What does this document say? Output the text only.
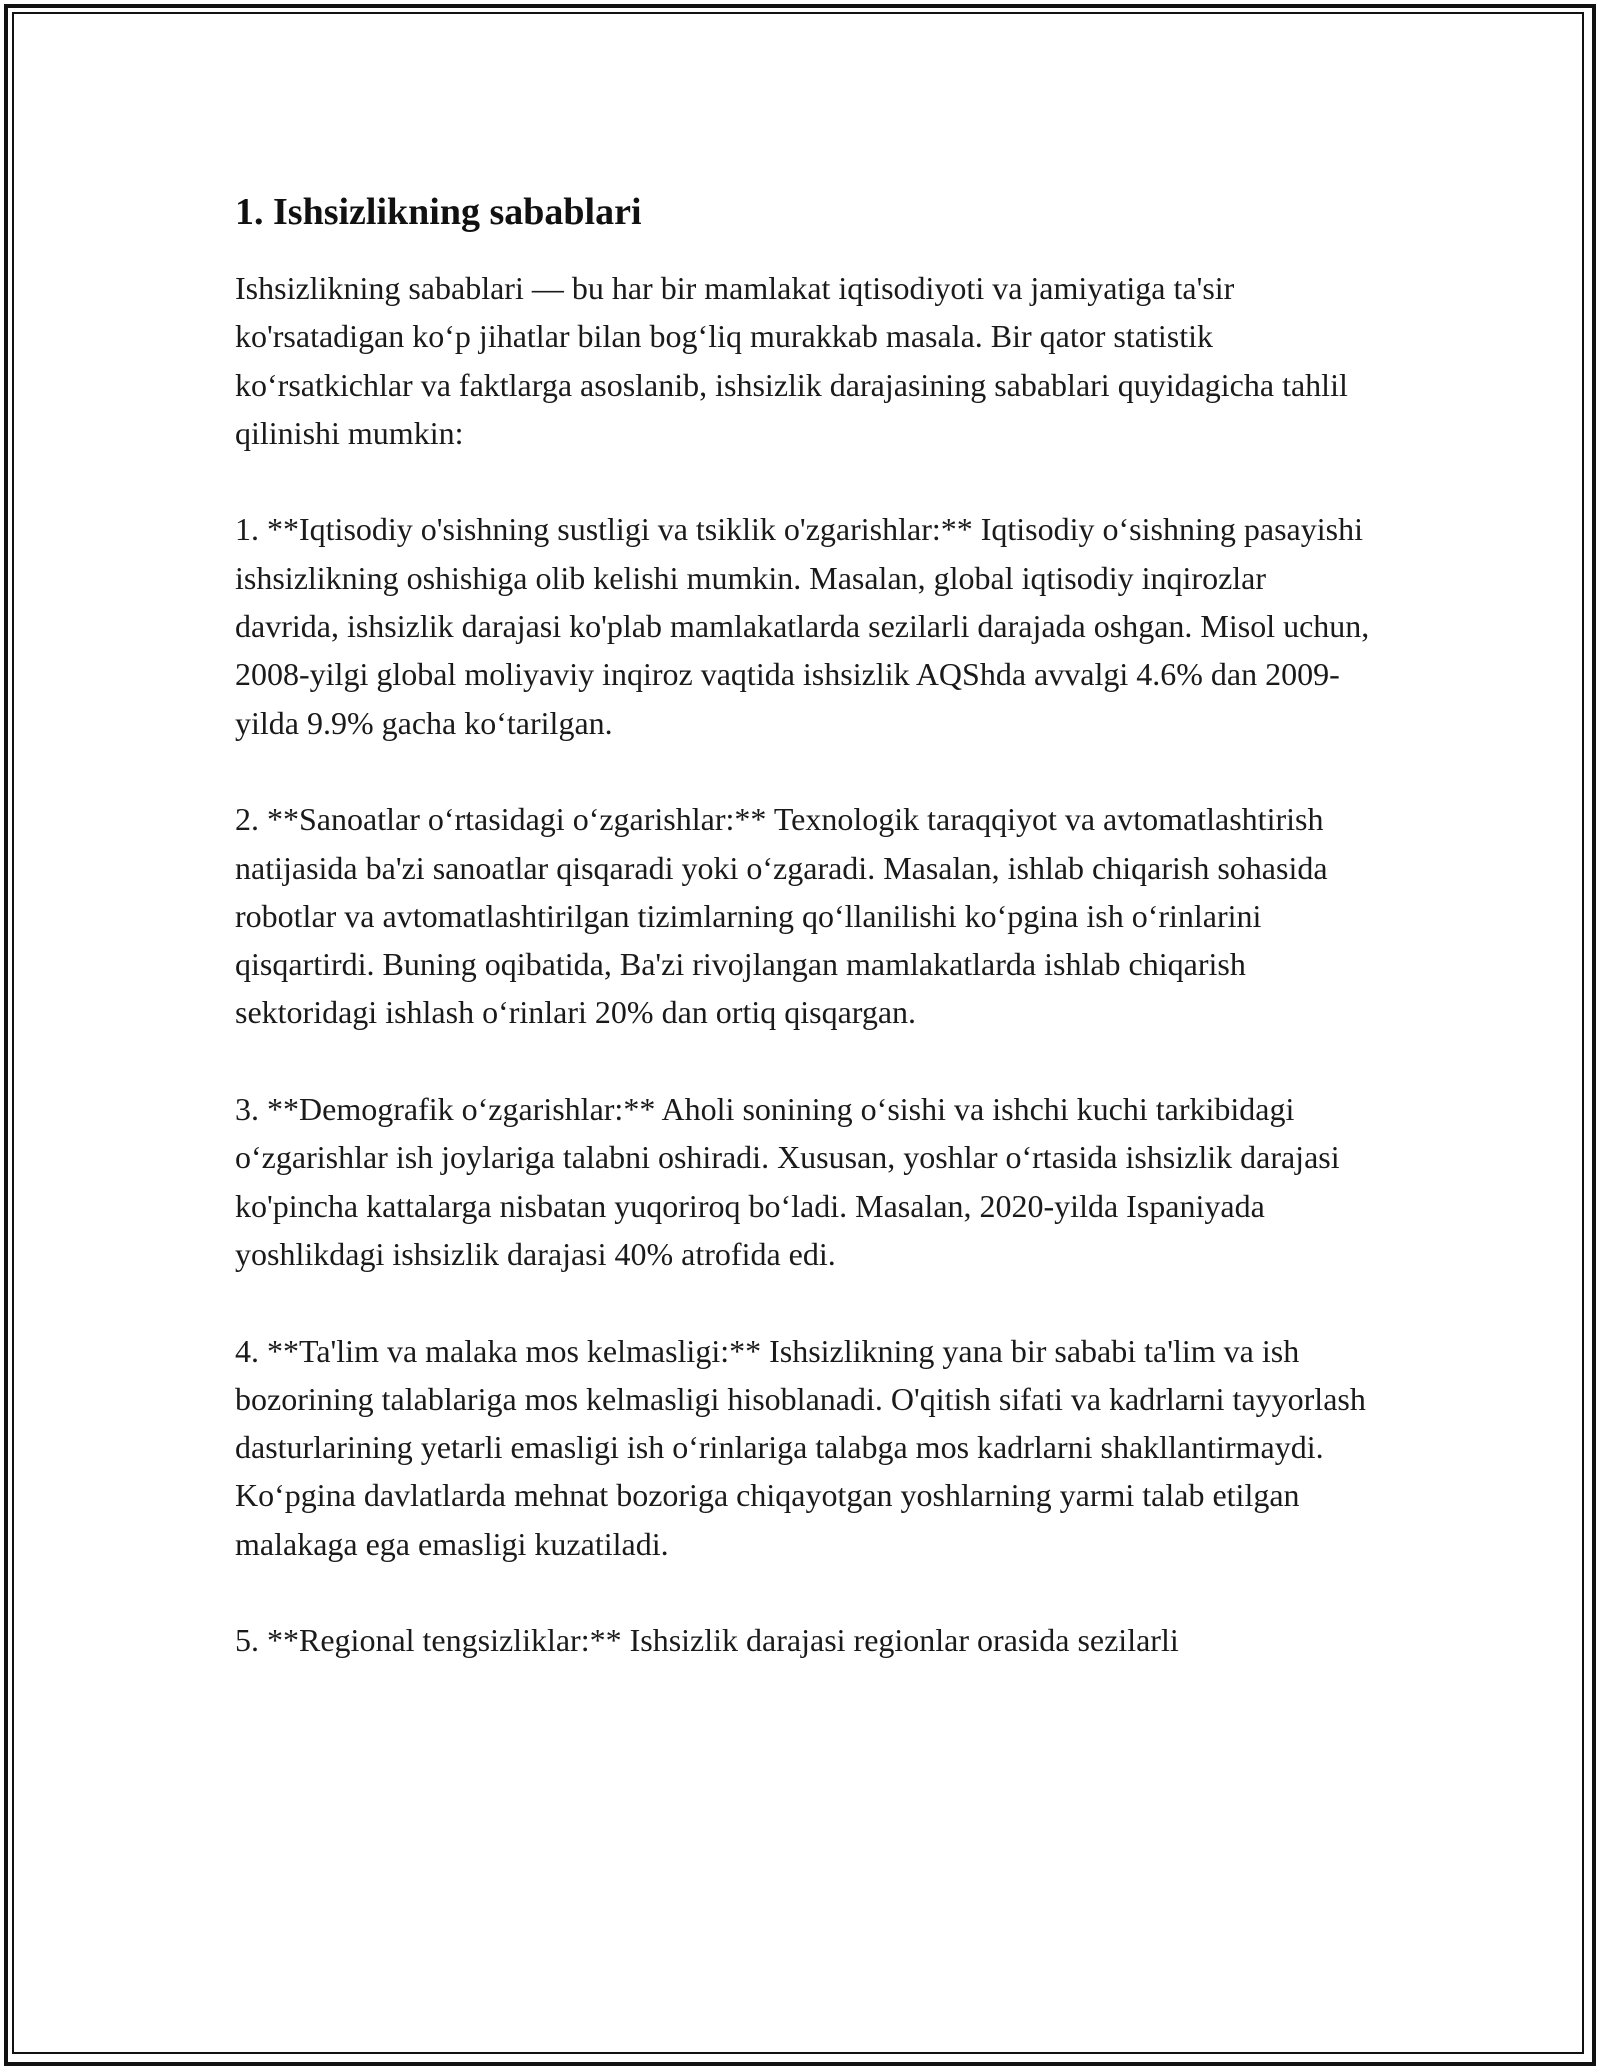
1. Ishsizlikning sabablari

Ishsizlikning sabablari — bu har bir mamlakat iqtisodiyoti va jamiyatiga ta'sir ko'rsatadigan koʻp jihatlar bilan bogʻliq murakkab masala. Bir qator statistik koʻrsatkichlar va faktlarga asoslanib, ishsizlik darajasining sabablari quyidagicha tahlil qilinishi mumkin:

1. **Iqtisodiy o'sishning sustligi va tsiklik o'zgarishlar:** Iqtisodiy oʻsishning pasayishi ishsizlikning oshishiga olib kelishi mumkin. Masalan, global iqtisodiy inqirozlar davrida, ishsizlik darajasi ko'plab mamlakatlarda sezilarli darajada oshgan. Misol uchun, 2008-yilgi global moliyaviy inqiroz vaqtida ishsizlik AQShda avvalgi 4.6% dan 2009-yilda 9.9% gacha koʻtarilgan.

2. **Sanoatlar oʻrtasidagi oʻzgarishlar:** Texnologik taraqqiyot va avtomatlashtirish natijasida ba'zi sanoatlar qisqaradi yoki oʻzgaradi. Masalan, ishlab chiqarish sohasida robotlar va avtomatlashtirilgan tizimlarning qoʻllanilishi koʻpgina ish oʻrinlarini qisqartirdi. Buning oqibatida, Ba'zi rivojlangan mamlakatlarda ishlab chiqarish sektoridagi ishlash oʻrinlari 20% dan ortiq qisqargan.

3. **Demografik oʻzgarishlar:** Aholi sonining oʻsishi va ishchi kuchi tarkibidagi oʻzgarishlar ish joylariga talabni oshiradi. Xususan, yoshlar oʻrtasida ishsizlik darajasi ko'pincha kattalarga nisbatan yuqoriroq boʻladi. Masalan, 2020-yilda Ispaniyada yoshlikdagi ishsizlik darajasi 40% atrofida edi.

4. **Ta'lim va malaka mos kelmasligi:** Ishsizlikning yana bir sababi ta'lim va ish bozorining talablariga mos kelmasligi hisoblanadi. O'qitish sifati va kadrlarni tayyorlash dasturlarining yetarli emasligi ish oʻrinlariga talabga mos kadrlarni shakllantirmaydi. Koʻpgina davlatlarda mehnat bozoriga chiqayotgan yoshlarning yarmi talab etilgan malakaga ega emasligi kuzatiladi.

5. **Regional tengsizliklar:** Ishsizlik darajasi regionlar orasida sezilarli
